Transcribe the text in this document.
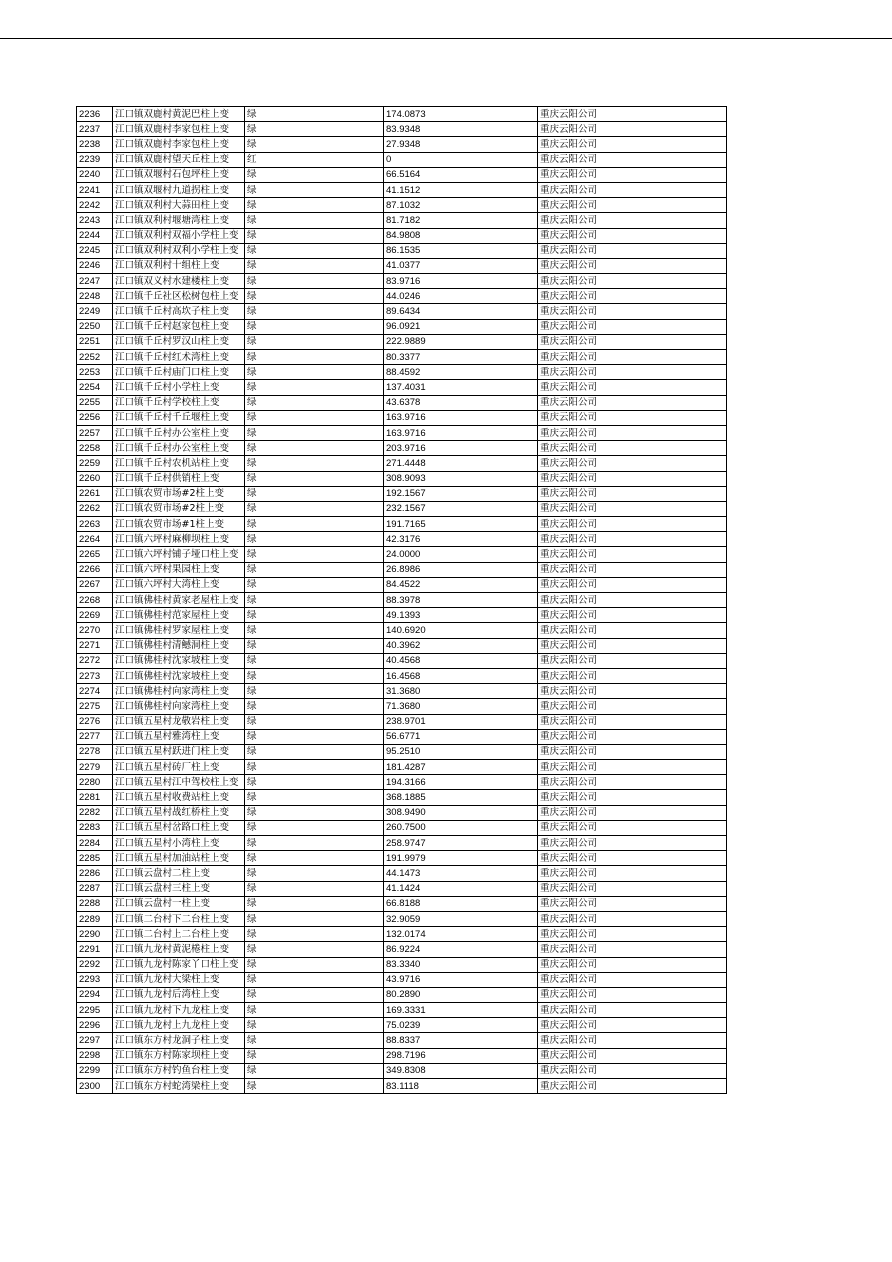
2236	江口镇双鹿村黄泥巴柱上变	绿	174.0873	重庆云阳公司
2237	江口镇双鹿村李家包柱上变	绿	83.9348	重庆云阳公司
2238	江口镇双鹿村李家包柱上变	绿	27.9348	重庆云阳公司
2239	江口镇双鹿村望天丘柱上变	红	0	重庆云阳公司
2240	江口镇双堰村石包坪柱上变	绿	66.5164	重庆云阳公司
2241	江口镇双堰村九道拐柱上变	绿	41.1512	重庆云阳公司
2242	江口镇双利村大蒜田柱上变	绿	87.1032	重庆云阳公司
2243	江口镇双利村堰塘湾柱上变	绿	81.7182	重庆云阳公司
2244	江口镇双利村双福小学柱上变	绿	84.9808	重庆云阳公司
2245	江口镇双利村双利小学柱上变	绿	86.1535	重庆云阳公司
2246	江口镇双利村十组柱上变	绿	41.0377	重庆云阳公司
2247	江口镇双义村水建楼柱上变	绿	83.9716	重庆云阳公司
2248	江口镇千丘社区松树包柱上变	绿	44.0246	重庆云阳公司
2249	江口镇千丘村高坎子柱上变	绿	89.6434	重庆云阳公司
2250	江口镇千丘村赵家包柱上变	绿	96.0921	重庆云阳公司
2251	江口镇千丘村罗汉山柱上变	绿	222.9889	重庆云阳公司
2252	江口镇千丘村红术湾柱上变	绿	80.3377	重庆云阳公司
2253	江口镇千丘村庙门口柱上变	绿	88.4592	重庆云阳公司
2254	江口镇千丘村小学柱上变	绿	137.4031	重庆云阳公司
2255	江口镇千丘村学校柱上变	绿	43.6378	重庆云阳公司
2256	江口镇千丘村千丘堰柱上变	绿	163.9716	重庆云阳公司
2257	江口镇千丘村办公室柱上变	绿	163.9716	重庆云阳公司
2258	江口镇千丘村办公室柱上变	绿	203.9716	重庆云阳公司
2259	江口镇千丘村农机站柱上变	绿	271.4448	重庆云阳公司
2260	江口镇千丘村供销柱上变	绿	308.9093	重庆云阳公司
2261	江口镇农贸市场#2柱上变	绿	192.1567	重庆云阳公司
2262	江口镇农贸市场#2柱上变	绿	232.1567	重庆云阳公司
2263	江口镇农贸市场#1柱上变	绿	191.7165	重庆云阳公司
2264	江口镇六坪村麻柳坝柱上变	绿	42.3176	重庆云阳公司
2265	江口镇六坪村铺子垭口柱上变	绿	24.0000	重庆云阳公司
2266	江口镇六坪村果园柱上变	绿	26.8986	重庆云阳公司
2267	江口镇六坪村大湾柱上变	绿	84.4522	重庆云阳公司
2268	江口镇佛桂村黄家老屋柱上变	绿	88.3978	重庆云阳公司
2269	江口镇佛桂村范家屋柱上变	绿	49.1393	重庆云阳公司
2270	江口镇佛桂村罗家屋柱上变	绿	140.6920	重庆云阳公司
2271	江口镇佛桂村清鳡洞柱上变	绿	40.3962	重庆云阳公司
2272	江口镇佛桂村沈家坡柱上变	绿	40.4568	重庆云阳公司
2273	江口镇佛桂村沈家坡柱上变	绿	16.4568	重庆云阳公司
2274	江口镇佛桂村向家湾柱上变	绿	31.3680	重庆云阳公司
2275	江口镇佛桂村向家湾柱上变	绿	71.3680	重庆云阳公司
2276	江口镇五星村龙敬岩柱上变	绿	238.9701	重庆云阳公司
2277	江口镇五星村雅湾柱上变	绿	56.6771	重庆云阳公司
2278	江口镇五星村跃进门柱上变	绿	95.2510	重庆云阳公司
2279	江口镇五星村砖厂柱上变	绿	181.4287	重庆云阳公司
2280	江口镇五星村江中驾校柱上变	绿	194.3166	重庆云阳公司
2281	江口镇五星村收费站柱上变	绿	368.1885	重庆云阳公司
2282	江口镇五星村战红桥柱上变	绿	308.9490	重庆云阳公司
2283	江口镇五星村岔路口柱上变	绿	260.7500	重庆云阳公司
2284	江口镇五星村小湾柱上变	绿	258.9747	重庆云阳公司
2285	江口镇五星村加油站柱上变	绿	191.9979	重庆云阳公司
2286	江口镇云盘村二柱上变	绿	44.1473	重庆云阳公司
2287	江口镇云盘村三柱上变	绿	41.1424	重庆云阳公司
2288	江口镇云盘村一柱上变	绿	66.8188	重庆云阳公司
2289	江口镇二台村下二台柱上变	绿	32.9059	重庆云阳公司
2290	江口镇二台村上二台柱上变	绿	132.0174	重庆云阳公司
2291	江口镇九龙村黄泥棬柱上变	绿	86.9224	重庆云阳公司
2292	江口镇九龙村陈家丫口柱上变	绿	83.3340	重庆云阳公司
2293	江口镇九龙村大梁柱上变	绿	43.9716	重庆云阳公司
2294	江口镇九龙村后湾柱上变	绿	80.2890	重庆云阳公司
2295	江口镇九龙村下九龙柱上变	绿	169.3331	重庆云阳公司
2296	江口镇九龙村上九龙柱上变	绿	75.0239	重庆云阳公司
2297	江口镇东方村龙洞子柱上变	绿	88.8337	重庆云阳公司
2298	江口镇东方村陈家坝柱上变	绿	298.7196	重庆云阳公司
2299	江口镇东方村钓鱼台柱上变	绿	349.8308	重庆云阳公司
2300	江口镇东方村蛇湾梁柱上变	绿	83.1118	重庆云阳公司
